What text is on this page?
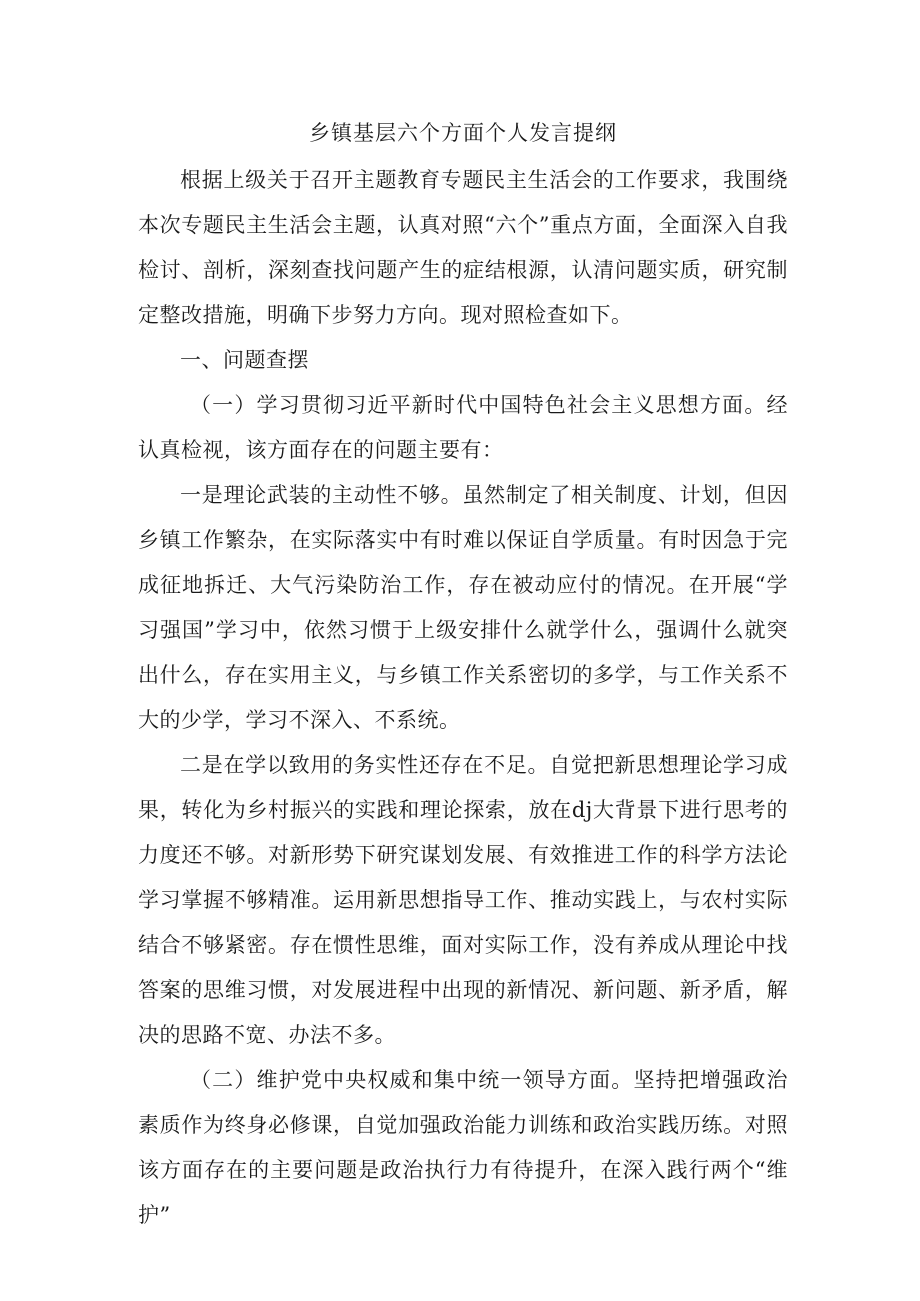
乡镇基层六个方面个人发言提纲

根据上级关于召开主题教育专题民主生活会的工作要求，我围绕本次专题民主生活会主题，认真对照“六个”重点方面，全面深入自我检讨、剖析，深刻查找问题产生的症结根源，认清问题实质，研究制定整改措施，明确下步努力方向。现对照检查如下。

一、问题查摆

（一）学习贯彻习近平新时代中国特色社会主义思想方面。经认真检视，该方面存在的问题主要有：

一是理论武装的主动性不够。虽然制定了相关制度、计划，但因乡镇工作繁杂，在实际落实中有时难以保证自学质量。有时因急于完成征地拆迁、大气污染防治工作，存在被动应付的情况。在开展“学习强国”学习中，依然习惯于上级安排什么就学什么，强调什么就突出什么，存在实用主义，与乡镇工作关系密切的多学，与工作关系不大的少学，学习不深入、不系统。

二是在学以致用的务实性还存在不足。自觉把新思想理论学习成果，转化为乡村振兴的实践和理论探索，放在dj大背景下进行思考的力度还不够。对新形势下研究谋划发展、有效推进工作的科学方法论学习掌握不够精准。运用新思想指导工作、推动实践上，与农村实际结合不够紧密。存在惯性思维，面对实际工作，没有养成从理论中找答案的思维习惯，对发展进程中出现的新情况、新问题、新矛盾，解决的思路不宽、办法不多。

（二）维护党中央权威和集中统一领导方面。坚持把增强政治素质作为终身必修课，自觉加强政治能力训练和政治实践历练。对照该方面存在的主要问题是政治执行力有待提升，在深入践行两个“维护”
